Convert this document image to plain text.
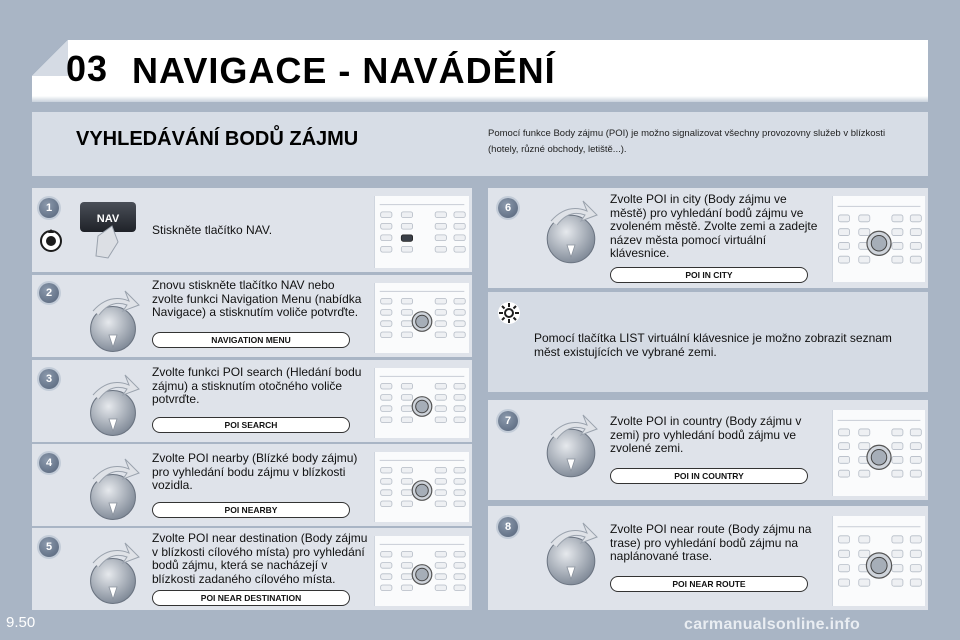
03 NAVIGACE - NAVÁDĚNÍ
VYHLEDÁVÁNÍ BODŮ ZÁJMU	Pomocí funkce Body zájmu (POI) je možno signalizovat všechny provozovny služeb v blízkosti (hotely, různé obchody, letiště...).
1
NAV
Stiskněte tlačítko NAV.
2
Znovu stiskněte tlačítko NAV nebo zvolte funkci Navigation Menu (nabídka Navigace) a stisknutím voliče potvrďte.
NAVIGATION MENU
3	Zvolte funkci POI search (Hledání bodu zájmu) a stisknutím otočného voliče potvrďte.
POI SEARCH
4	Zvolte POI nearby (Blízké body zájmu) pro vyhledání bodu zájmu v blízkosti vozidla.
POI NEARBY
5
Zvolte POI near destination (Body zájmu v blízkosti cílového místa) pro vyhledání bodů zájmu, která se nacházejí v blízkosti zadaného cílového místa.
POI NEAR DESTINATION
6
Zvolte POI in city (Body zájmu ve městě) pro vyhledání bodů zájmu ve zvoleném městě. Zvolte zemi a zadejte název města pomocí virtuální klávesnice.
POI IN CITY
Pomocí tlačítka LIST virtuální klávesnice je možno zobrazit seznam měst existujících ve vybrané zemi.
7	Zvolte POI in country (Body zájmu v zemi) pro vyhledání bodů zájmu ve zvolené zemi.
POI IN COUNTRY
8	Zvolte POI near route (Body zájmu na trase) pro vyhledání bodů zájmu na naplánované trase.
POI NEAR ROUTE
9.50	carmanualsonline.info
